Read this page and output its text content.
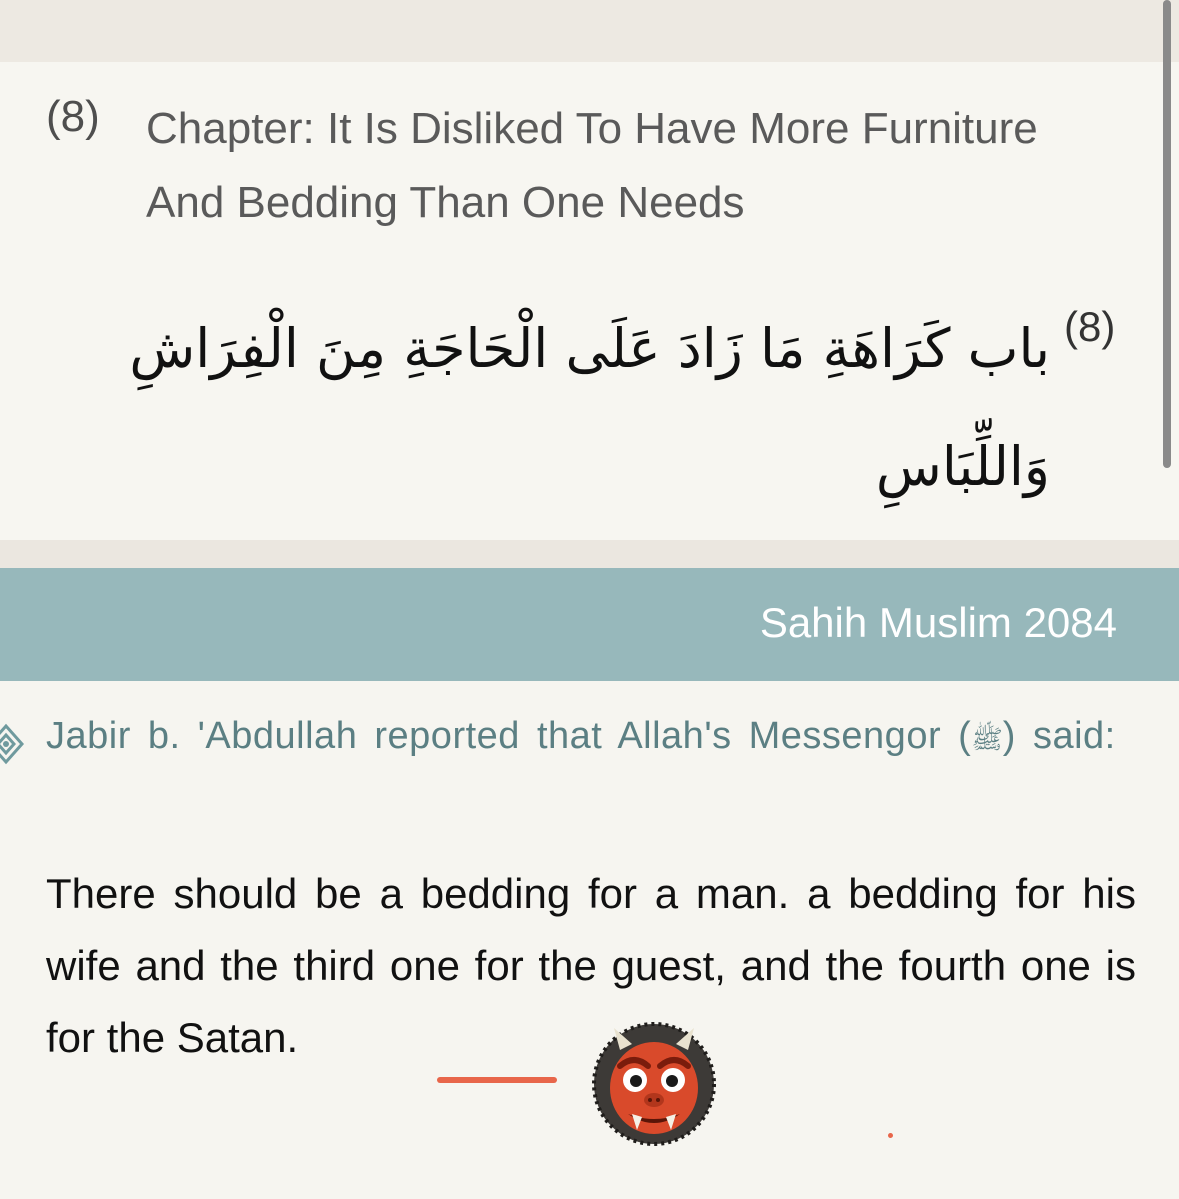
(8) Chapter: It Is Disliked To Have More Furniture And Bedding Than One Needs
(8)
باب كَرَاهَةِ مَا زَادَ عَلَى الْحَاجَةِ مِنَ الْفِرَاشِ وَاللِّبَاسِ
Sahih Muslim 2084
Jabir b. 'Abdullah reported that Allah's Messengor (ﷺ) said:
There should be a bedding for a man. a bedding for his wife and the third one for the guest, and the fourth one is for the Satan.
